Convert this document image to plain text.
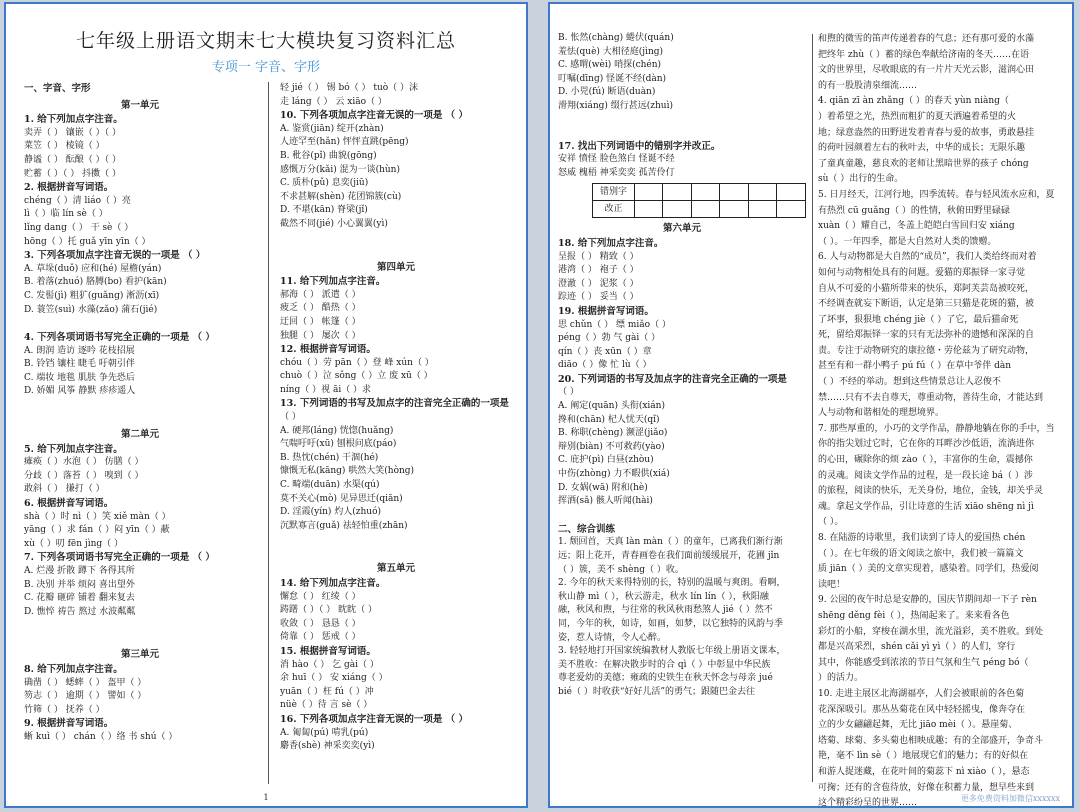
七年级上册语文期末七大模块复习资料汇总
专项一 字音、字形
一、字音、字形
第一单元
1. 给下列加点字注音。
卖弄（ ） 镶嵌（ ）（ ）
菜笠（ ） 棱镜（ ）
静谧（ ） 酝酿（ ）（ ）
贮蓄（ ）（ ） 抖擞（ ）
2. 根据拼音写词语。
chéng（ ）清 liáo（ ）亮
lì（ ）临 lín sè（ ）
lǐng dang（ ） 干 sè（ ）
hōng（ ）托 guǎ yīn yīn（ ）
3. 下列各项加点字注音无误的一项是 （ ）
A. 草垛(duǒ) 应和(hé) 屋檐(yán)
B. 着落(zhuó) 胳膊(bo) 看护(kān)
C. 发髻(jì) 粗犷(guǎng) 淅沥(xī)
D. 蓑笠(suì) 水藻(zǎo) 蒲石(jié)
4. 下列各项词语书写完全正确的一项是 （ ）
A. 朗润 造访 逐吟 花枝招展
B. 铃铛 镶柱 睫毛 吁朝引伴
C. 端妆 地毯 肌肤 争先恐后
D. 娇媚 风筝 静默 疹疹遥人
第二单元
5. 给下列加点字注音。
瘫痪（ ）水泡（ ） 仿膳（ ）
分歧（ ）落苔（ ） 嗅到（ ）
敢斜（ ） 搛打（ ）
6. 根据拼音写词语。
shà（ ）时 nì（ ）笑 xiě màn（ ）
yāng（ ）求 fán（ ）闷 yīn（ ）蔽
xù（ ）叨 fēn jìng（ ）
7. 下列各项词语书写完全正确的一项是 （ ）
A. 烂漫 折散 蹲下 各得其所
B. 决别 并举 烦闷 喜出望外
C. 花瓣 砸碎 铺着 翻来复去
D. 憔悴 祷告 熬过 水波粼粼
第三单元
8. 给下列加点字注音。
确凿（ ） 蟋蟀（ ） 盔甲（ ）
笏志（ ） 逾期（ ） 譬如（ ）
竹筛（ ） 抚养（ ）
9. 根据拼音写词语。
蜥 kuì（ ） chán（ ）络 书 shú（ ）
轻 jié（ ） 锡 bó（ ） tuò（ ）沫
走 láng（ ） 云 xiāo（ ）
10. 下列各项加点字注音无误的一项是 （ ）
A. 鉴赏(jiān) 绽开(zhàn)
人迹罕至(hǎn) 怦怦直跳(pēng)
B. 秕谷(pǐ) 曲貌(gōng)
感慨万分(kǎi) 混为一谈(hùn)
C. 质朴(pǔ) 息奕(jiū)
不求甚解(shèn) 花团锦簇(cù)
D. 不堪(kān) 脊梁(jǐ)
截然不同(jié) 小心翼翼(yì)
第四单元
11. 给下列加点字注音。
郝海（ ） 派遣（ ）
疲乏（ ） 酷热（ ）
迂回（ ） 帐篷（ ）
独腿（ ） 屡次（ ）
12. 根据拼音写词语。
chóu（ ）劳 pān（ ）登 峰 xún（ ）
chuò（ ）泣 sǒng（ ）立 废 xū（ ）
níng（ ）视 āi（ ）求
13. 下列词语的书写及加点字的注音完全正确的一项是
（ ）
A. 硬邦(láng) 恍惚(huǎng)
气喘吁吁(xū) 刨根问底(páo)
B. 热忱(chén) 干涸(hé)
慷慨无私(kāng) 哄然大笑(hòng)
C. 畸端(duān) 水渠(qú)
莫不关心(mò) 见异思迁(qiān)
D. 淫霞(yín) 灼人(zhuó)
沉默寡言(guǎ) 祛轻怕重(zhān)
第五单元
14. 给下列加点字注音。
懈怠（ ） 红绫（ ）
踌躇（ ）（ ） 眈眈（ ）
收敛（ ） 恳恳（ ）
倚靠（ ） 惩戒（ ）
15. 根据拼音写词语。
消 hào（ ） 乞 gài（ ）
余 huī（ ） 安 xiáng（ ）
yuān（ ）枉 fú（ ）冲
nüè（ ）待 言 sè（ ）
16. 下列各项加点字注音无误的一项是 （ ）
A. 匍匐(pú) 啃乳(pú)
麝香(shè) 神采奕奕(yì)
1
B. 怅然(chàng) 蜷伏(quán)
羞怯(què) 大相径庭(jìng)
C. 感喟(wèi) 哨探(chén)
叮嘱(dīng) 怪诞不经(dàn)
D. 小兕(fú) 断语(duàn)
滑翔(xiáng) 缀行甚远(zhuì)
17. 找出下列词语中的错别字并改正。
安祥 憤怪 脸色煞白 怪诞不经
怒威 槐梧 神采奕奕 孤苦伶仃
错别字						
改正						
第六单元
18. 给下列加点字注音。
呈报（ ） 精致（ ）
港湾（ ） 袍子（ ）
澄澈（ ） 泥浆（ ）
踪迹（ ） 妥当（ ）
19. 根据拼音写词语。
思 chǔn（ ） 缥 miǎo（ ）
péng（ ）勃 气 gài（ ）
qín（ ）丧 xūn（ ）章
diāo（ ）像 忙 lù（ ）
20. 下列词语的书写及加点字的注音完全正确的一项是
（ ）
A. 阐定(quān) 头衔(xián)
搀和(chān) 杞人忧天(qǐ)
B. 称职(chèng) 濒涩(jiǎo)
辩别(biàn) 不可救药(yào)
C. 庇护(pì) 白昼(zhòu)
中伤(zhòng) 力不暇供(xiá)
D. 女娲(wā) 附和(hè)
挥洒(sǎ) 骸人听闻(hài)
二、综合训练
1. 颓回首，天真 làn màn（ ）的童年，已离我们渐行渐
远；阳上花开，青春画卷在我们面前缓缓展开，花圃 jǐn
（ ）簇，美不 shèng（ ）收。
2. 今年的秋天来得特别的长，特别的温暖与爽朗。看啊，
秋山静 mì（ ），秋云游走，秋水 lín lín（ ），秋阳融
融，秋风和煦，与往常的秋风秋雨愁煞人 jié（ ）然不
同，今年的秋，如诗，如画，如梦，以它独特的风韵与季
姿，惹人诗情，令人心醉。
3. 轻轻地打开国家统编教材人教版七年级上册语文课本，
美不胜收：在解决散步时的合 qì（ ）中彰显中华民族
尊老爱幼的美德；雍疏的史铁生在秋天怀念与母亲 jué
bié（ ）时收获“好好儿活”的勇气；跟随巴金去往
和煦的微雪的笛声传递着春的气息；还有那可爱的水藻
把终年 zhù（ ）蓄的绿色奉献给济南的冬天……在语
文的世界里，尽收眼底的有一片片天光云影，滋润心田
的有一股股清泉细流……
4. qiān zī àn zhǎng（ ）的春天 yùn niàng（
）着希望之光，热烈而粗犷的夏天洒遍着希望的火
地；绿意盎然的田野迸发着青春与爱的故事，勇敢悬挂
的荷叶园颜着左右的秋叶去，中华的成长；无限乐趣
了童真童趣，慈良欢的老师让黑暗世界的孩子 chóng
sù（ ）出行的生命。
5. 日月经天，江河行地，四季流转。春与轻风流水应和，夏
有热烈 cū guǎng（ ）的性情，秋俯田野里碌碌
xuàn（ ）耀自己，冬盖上皑皑白雪回归安 xiáng
（ ）。一年四季，都是大自然对人类的馈赠。
6. 人与动物都是大自然的“成员”，我们人类给终而对着
如何与动物相处具有的问题。爱猫的郑振铎一家寻觉
自从不可爱的小猫所带来的快乐，郑阿芙芸岛被咬死，
不经调查就妄下断语，认定是第三只猫是花斑的猫，被
了坏事，狠狠地 chéng jiè（ ）了它，最后猫命死
死，留给郑振铎一家的只有无法弥补的遗憾和深深的自
责。专注于动物研究的康拉德・劳伦兹为了研究动物，
甚至有和一群小鸭子 pú fú（ ）在草中爷伴 dàn
（ ）不经的举动。想到这些情景总让人忍俊不
禁……只有不去自尊天，尊重动物，善待生命，才能达到
人与动物和谐相处的理想境界。
7. 那些厚重的，小巧的文学作品，静静地躺在你的手中，当
你的指尖划过它时，它在你的耳畔沙沙低语，流淌进你
的心田，碾除你的烦 zào（ ），丰富你的生命，震撼你
的灵魂。阅读文学作品的过程，是一段长途 bá（ ）涉
的旅程，阅读的快乐，无关身份，地位，金钱，却关乎灵
魂。拿起文学作品，引让诗意的生活 xiāo shēng nì jì
（ ）。
8. 在陆游的诗歌里，我们读到了诗人的爱国热 chén
（ ）。在七年级的语文阅读之旅中，我们被一篇篇文
质 jiān（ ）美的文章实现着，感染着。同学们，热爱阅
读吧！
9. 公园的夜午时总是安静的，国庆节期间却一下子 rèn
shēng děng fèi（ ），热闹起来了。来来看各色
彩灯的小船，穿梭在湖水里，流光溢彩，美不胜收。到处
都是兴高采烈，shén cǎi yì yì（ ）的人们，穿行
其中，你能感受到浓浓的节日气氛和生气 péng bó（
）的活力。
10. 走进主展区北海湖福亭，人们会被眼前的各色菊
花深深吸引。那丛丛菊花在风中轻轻摇曳，像奔夺在
立的少女翩翩起舞，无比 jiāo mèi（ ）。悬崖菊、
塔菊、球菊、多头菊也相映成趣；有的全部盛开，争奇斗
艳，毫不 lìn sè（ ）地展现它们的魅力；有的好似在
和游人捉迷藏，在花叶间的菊蕊下 nì xiào（ ），悬态
可掬；还有的含苞待放，好像在积蓄力量，想早些来到
这个精彩纷呈的世界……	更多免费资料加微信xxxxxx
